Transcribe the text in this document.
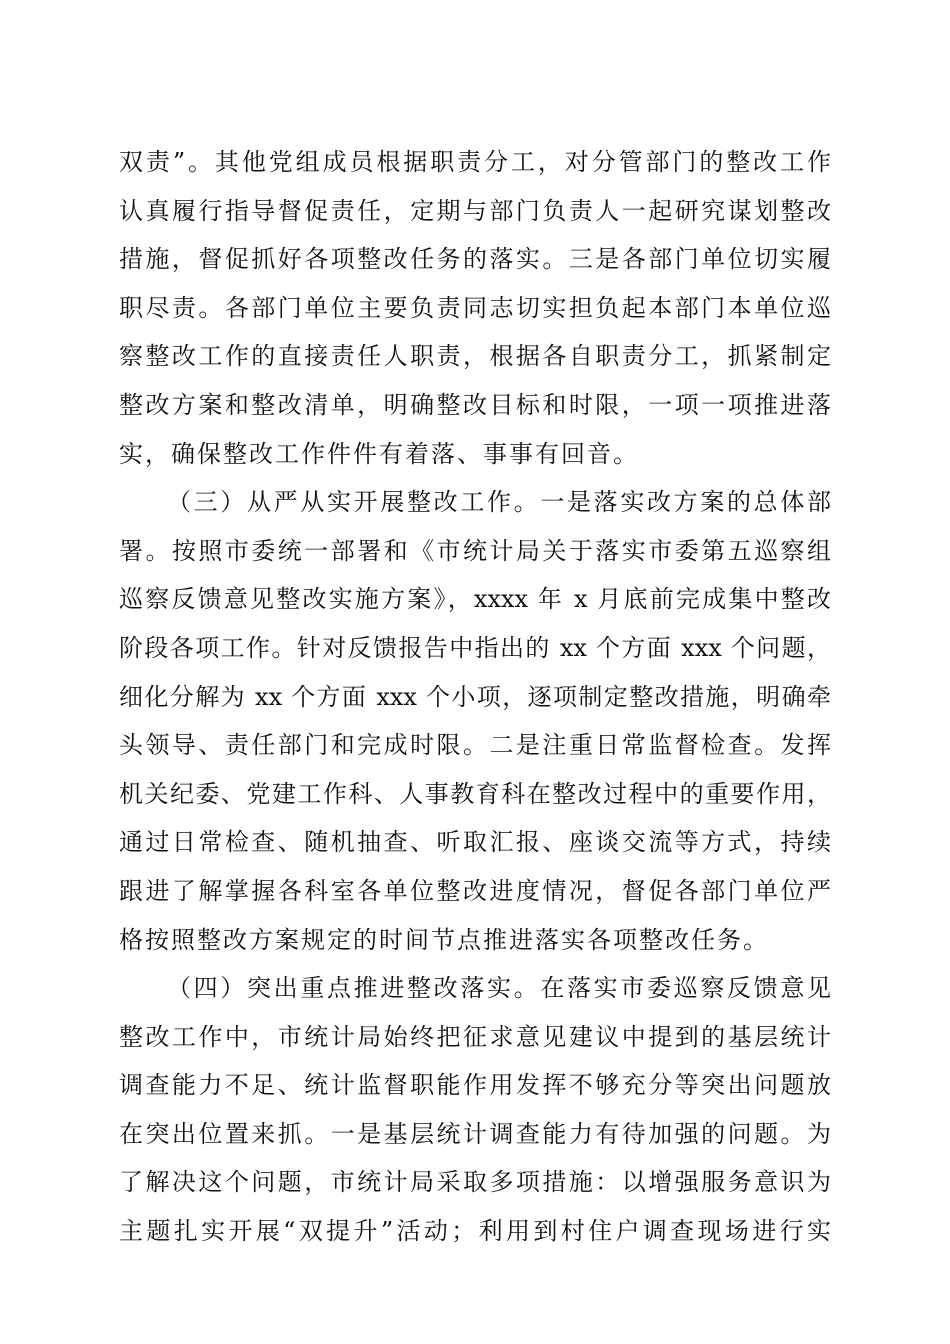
双责”。其他党组成员根据职责分工，对分管部门的整改工作
认真履行指导督促责任，定期与部门负责人一起研究谋划整改
措施，督促抓好各项整改任务的落实。三是各部门单位切实履
职尽责。各部门单位主要负责同志切实担负起本部门本单位巡
察整改工作的直接责任人职责，根据各自职责分工，抓紧制定
整改方案和整改清单，明确整改目标和时限，一项一项推进落
实，确保整改工作件件有着落、事事有回音。
（三）从严从实开展整改工作。一是落实改方案的总体部
署。按照市委统一部署和《市统计局关于落实市委第五巡察组
巡察反馈意见整改实施方案》，xxxx 年 x 月底前完成集中整改
阶段各项工作。针对反馈报告中指出的 xx 个方面 xxx 个问题，
细化分解为 xx 个方面 xxx 个小项，逐项制定整改措施，明确牵
头领导、责任部门和完成时限。二是注重日常监督检查。发挥
机关纪委、党建工作科、人事教育科在整改过程中的重要作用，
通过日常检查、随机抽查、听取汇报、座谈交流等方式，持续
跟进了解掌握各科室各单位整改进度情况，督促各部门单位严
格按照整改方案规定的时间节点推进落实各项整改任务。
（四）突出重点推进整改落实。在落实市委巡察反馈意见
整改工作中，市统计局始终把征求意见建议中提到的基层统计
调查能力不足、统计监督职能作用发挥不够充分等突出问题放
在突出位置来抓。一是基层统计调查能力有待加强的问题。为
了解决这个问题，市统计局采取多项措施：以增强服务意识为
主题扎实开展“双提升”活动；利用到村住户调查现场进行实
